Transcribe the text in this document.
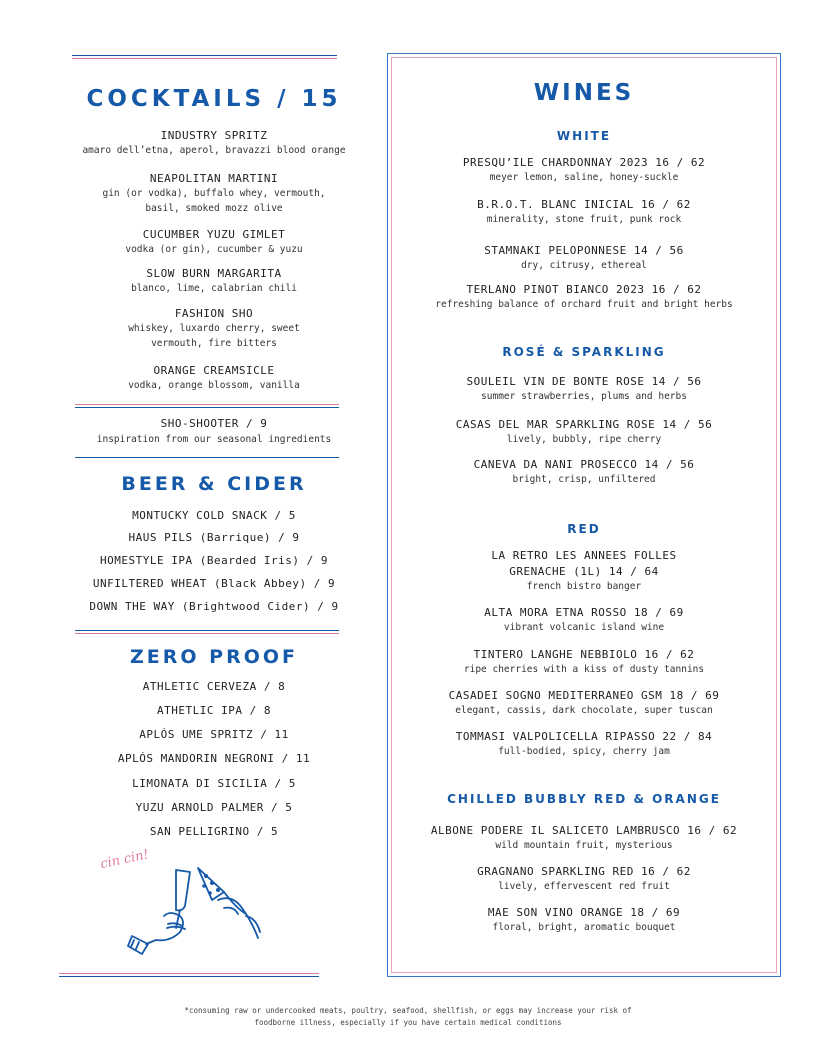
COCKTAILS / 15
INDUSTRY SPRITZ
amaro dell’etna, aperol, bravazzi blood orange
NEAPOLITAN MARTINI
gin (or vodka), buffalo whey, vermouth,
basil, smoked mozz olive
CUCUMBER YUZU GIMLET
vodka (or gin), cucumber & yuzu
SLOW BURN MARGARITA
blanco, lime, calabrian chili
FASHION SHO
whiskey, luxardo cherry, sweet
vermouth, fire bitters
ORANGE CREAMSICLE
vodka, orange blossom, vanilla
SHO-SHOOTER / 9
inspiration from our seasonal ingredients
BEER & CIDER
MONTUCKY COLD SNACK / 5
HAUS PILS (Barrique) / 9
HOMESTYLE IPA (Bearded Iris) / 9
UNFILTERED WHEAT (Black Abbey) / 9
DOWN THE WAY (Brightwood Cider) / 9
ZERO PROOF
ATHLETIC CERVEZA / 8
ATHETLIC IPA / 8
APLÓS UME SPRITZ / 11
APLÓS MANDORIN NEGRONI / 11
LIMONATA DI SICILIA / 5
YUZU ARNOLD PALMER / 5
SAN PELLIGRINO / 5
cin cin!
WINES
WHITE
PRESQU’ILE CHARDONNAY 2023 16 / 62
meyer lemon, saline, honey-suckle
B.R.O.T. BLANC INICIAL 16 / 62
minerality, stone fruit, punk rock
STAMNAKI PELOPONNESE 14 / 56
dry, citrusy, ethereal
TERLANO PINOT BIANCO 2023 16 / 62
refreshing balance of orchard fruit and bright herbs
ROSÉ & SPARKLING
SOULEIL VIN DE BONTE ROSE 14 / 56
summer strawberries, plums and herbs
CASAS DEL MAR SPARKLING ROSE 14 / 56
lively, bubbly, ripe cherry
CANEVA DA NANI PROSECCO 14 / 56
bright, crisp, unfiltered
RED
LA RETRO LES ANNEES FOLLES
GRENACHE (1L) 14 / 64
french bistro banger
ALTA MORA ETNA ROSSO 18 / 69
vibrant volcanic island wine
TINTERO LANGHE NEBBIOLO 16 / 62
ripe cherries with a kiss of dusty tannins
CASADEI SOGNO MEDITERRANEO GSM 18 / 69
elegant, cassis, dark chocolate, super tuscan
TOMMASI VALPOLICELLA RIPASSO 22 / 84
full-bodied, spicy, cherry jam
CHILLED BUBBLY RED & ORANGE
ALBONE PODERE IL SALICETO LAMBRUSCO 16 / 62
wild mountain fruit, mysterious
GRAGNANO SPARKLING RED 16 / 62
lively, effervescent red fruit
MAE SON VINO ORANGE 18 / 69
floral, bright, aromatic bouquet
*consuming raw or undercooked meats, poultry, seafood, shellfish, or eggs may increase your risk of
foodborne illness, especially if you have certain medical conditions
